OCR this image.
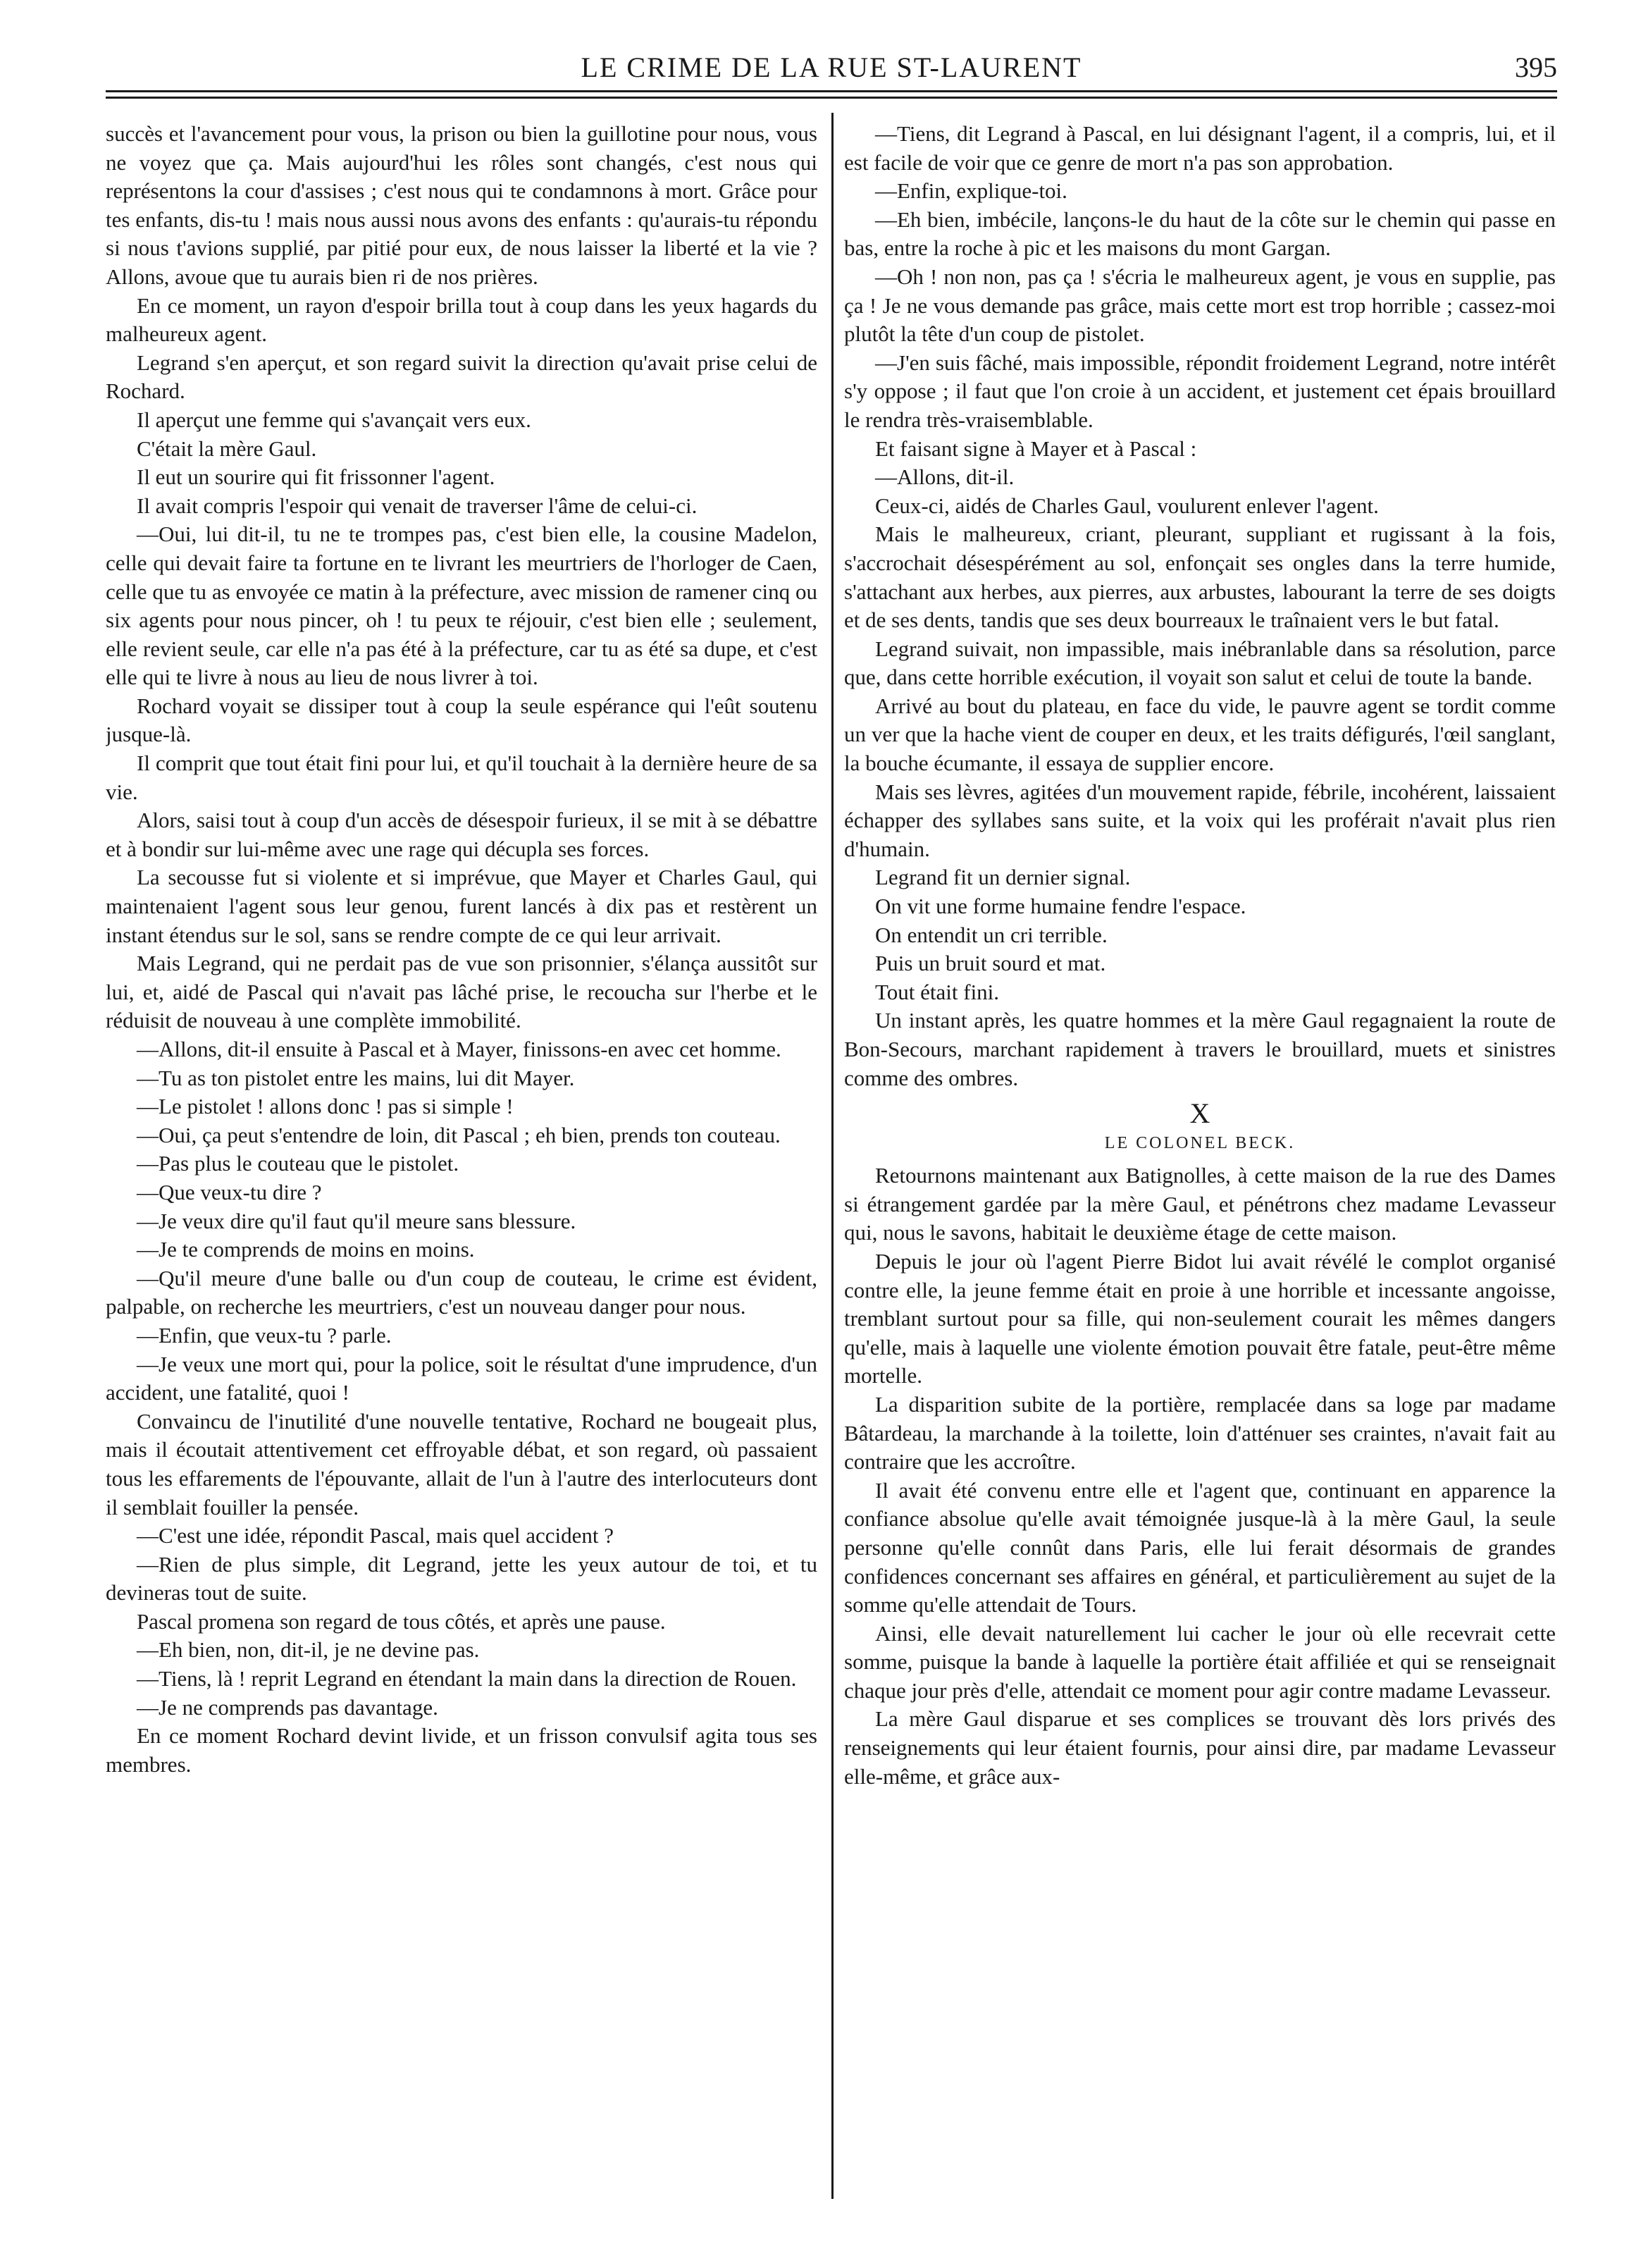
LE CRIME DE LA RUE ST-LAURENT	395

succès et l'avancement pour vous, la prison ou bien la guillotine pour nous, vous ne voyez que ça. Mais aujourd'hui les rôles sont changés, c'est nous qui représentons la cour d'assises ; c'est nous qui te condamnons à mort. Grâce pour tes enfants, dis-tu ! mais nous aussi nous avons des enfants : qu'aurais-tu répondu si nous t'avions supplié, par pitié pour eux, de nous laisser la liberté et la vie ? Allons, avoue que tu aurais bien ri de nos prières.

En ce moment, un rayon d'espoir brilla tout à coup dans les yeux hagards du malheureux agent.

Legrand s'en aperçut, et son regard suivit la direction qu'avait prise celui de Rochard.

Il aperçut une femme qui s'avançait vers eux.

C'était la mère Gaul.

Il eut un sourire qui fit frissonner l'agent.

Il avait compris l'espoir qui venait de traverser l'âme de celui-ci.

—Oui, lui dit-il, tu ne te trompes pas, c'est bien elle, la cousine Madelon, celle qui devait faire ta fortune en te livrant les meurtriers de l'horloger de Caen, celle que tu as envoyée ce matin à la préfecture, avec mission de ramener cinq ou six agents pour nous pincer, oh ! tu peux te réjouir, c'est bien elle ; seulement, elle revient seule, car elle n'a pas été à la préfecture, car tu as été sa dupe, et c'est elle qui te livre à nous au lieu de nous livrer à toi.

Rochard voyait se dissiper tout à coup la seule espérance qui l'eût soutenu jusque-là.

Il comprit que tout était fini pour lui, et qu'il touchait à la dernière heure de sa vie.

Alors, saisi tout à coup d'un accès de désespoir furieux, il se mit à se débattre et à bondir sur lui-même avec une rage qui décupla ses forces.

La secousse fut si violente et si imprévue, que Mayer et Charles Gaul, qui maintenaient l'agent sous leur genou, furent lancés à dix pas et restèrent un instant étendus sur le sol, sans se rendre compte de ce qui leur arrivait.

Mais Legrand, qui ne perdait pas de vue son prisonnier, s'élança aussitôt sur lui, et, aidé de Pascal qui n'avait pas lâché prise, le recoucha sur l'herbe et le réduisit de nouveau à une complète immobilité.

—Allons, dit-il ensuite à Pascal et à Mayer, finissons-en avec cet homme.

—Tu as ton pistolet entre les mains, lui dit Mayer.

—Le pistolet ! allons donc ! pas si simple !

—Oui, ça peut s'entendre de loin, dit Pascal ; eh bien, prends ton couteau.

—Pas plus le couteau que le pistolet.

—Que veux-tu dire ?

—Je veux dire qu'il faut qu'il meure sans blessure.

—Je te comprends de moins en moins.

—Qu'il meure d'une balle ou d'un coup de couteau, le crime est évident, palpable, on recherche les meurtriers, c'est un nouveau danger pour nous.

—Enfin, que veux-tu ? parle.

—Je veux une mort qui, pour la police, soit le résultat d'une imprudence, d'un accident, une fatalité, quoi !

Convaincu de l'inutilité d'une nouvelle tentative, Rochard ne bougeait plus, mais il écoutait attentivement cet effroyable débat, et son regard, où passaient tous les effarements de l'épouvante, allait de l'un à l'autre des interlocuteurs dont il semblait fouiller la pensée.

—C'est une idée, répondit Pascal, mais quel accident ?

—Rien de plus simple, dit Legrand, jette les yeux autour de toi, et tu devineras tout de suite.

Pascal promena son regard de tous côtés, et après une pause.

—Eh bien, non, dit-il, je ne devine pas.

—Tiens, là ! reprit Legrand en étendant la main dans la direction de Rouen.

—Je ne comprends pas davantage.

En ce moment Rochard devint livide, et un frisson convulsif agita tous ses membres.

—Tiens, dit Legrand à Pascal, en lui désignant l'agent, il a compris, lui, et il est facile de voir que ce genre de mort n'a pas son approbation.

—Enfin, explique-toi.

—Eh bien, imbécile, lançons-le du haut de la côte sur le chemin qui passe en bas, entre la roche à pic et les maisons du mont Gargan.

—Oh ! non non, pas ça ! s'écria le malheureux agent, je vous en supplie, pas ça ! Je ne vous demande pas grâce, mais cette mort est trop horrible ; cassez-moi plutôt la tête d'un coup de pistolet.

—J'en suis fâché, mais impossible, répondit froidement Legrand, notre intérêt s'y oppose ; il faut que l'on croie à un accident, et justement cet épais brouillard le rendra très-vraisemblable.

Et faisant signe à Mayer et à Pascal :

—Allons, dit-il.

Ceux-ci, aidés de Charles Gaul, voulurent enlever l'agent.

Mais le malheureux, criant, pleurant, suppliant et rugissant à la fois, s'accrochait désespérément au sol, enfonçait ses ongles dans la terre humide, s'attachant aux herbes, aux pierres, aux arbustes, labourant la terre de ses doigts et de ses dents, tandis que ses deux bourreaux le traînaient vers le but fatal.

Legrand suivait, non impassible, mais inébranlable dans sa résolution, parce que, dans cette horrible exécution, il voyait son salut et celui de toute la bande.

Arrivé au bout du plateau, en face du vide, le pauvre agent se tordit comme un ver que la hache vient de couper en deux, et les traits défigurés, l'œil sanglant, la bouche écumante, il essaya de supplier encore.

Mais ses lèvres, agitées d'un mouvement rapide, fébrile, incohérent, laissaient échapper des syllabes sans suite, et la voix qui les proférait n'avait plus rien d'humain.

Legrand fit un dernier signal.

On vit une forme humaine fendre l'espace.

On entendit un cri terrible.

Puis un bruit sourd et mat.

Tout était fini.

Un instant après, les quatre hommes et la mère Gaul regagnaient la route de Bon-Secours, marchant rapidement à travers le brouillard, muets et sinistres comme des ombres.

X
LE COLONEL BECK.

Retournons maintenant aux Batignolles, à cette maison de la rue des Dames si étrangement gardée par la mère Gaul, et pénétrons chez madame Levasseur qui, nous le savons, habitait le deuxième étage de cette maison.

Depuis le jour où l'agent Pierre Bidot lui avait révélé le complot organisé contre elle, la jeune femme était en proie à une horrible et incessante angoisse, tremblant surtout pour sa fille, qui non-seulement courait les mêmes dangers qu'elle, mais à laquelle une violente émotion pouvait être fatale, peut-être même mortelle.

La disparition subite de la portière, remplacée dans sa loge par madame Bâtardeau, la marchande à la toilette, loin d'atténuer ses craintes, n'avait fait au contraire que les accroître.

Il avait été convenu entre elle et l'agent que, continuant en apparence la confiance absolue qu'elle avait témoignée jusque-là à la mère Gaul, la seule personne qu'elle connût dans Paris, elle lui ferait désormais de grandes confidences concernant ses affaires en général, et particulièrement au sujet de la somme qu'elle attendait de Tours.

Ainsi, elle devait naturellement lui cacher le jour où elle recevrait cette somme, puisque la bande à laquelle la portière était affiliée et qui se renseignait chaque jour près d'elle, attendait ce moment pour agir contre madame Levasseur.

La mère Gaul disparue et ses complices se trouvant dès lors privés des renseignements qui leur étaient fournis, pour ainsi dire, par madame Levasseur elle-même, et grâce aux-
